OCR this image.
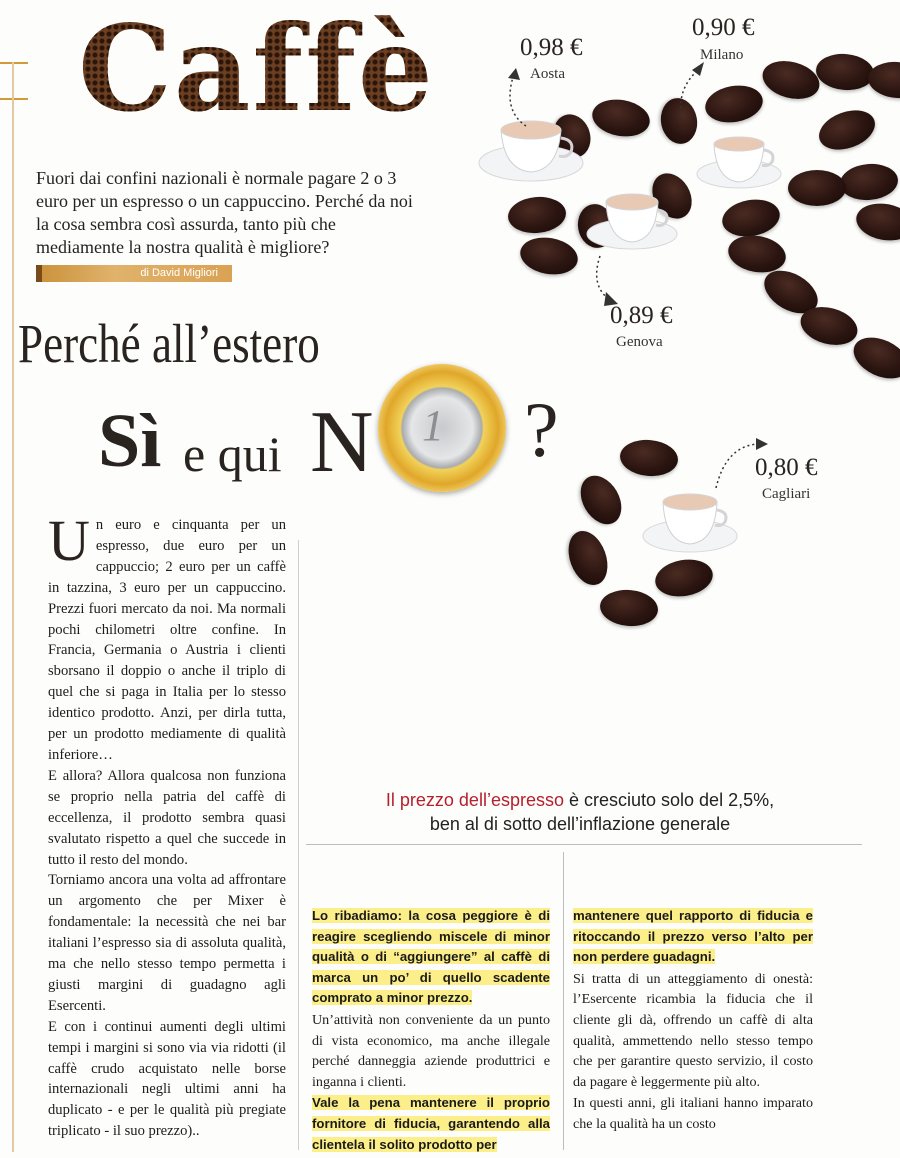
Caffè
Fuori dai confini nazionali è normale pagare 2 o 3 euro per un espresso o un cappuccino. Perché da noi la cosa sembra così assurda, tanto più che mediamente la nostra qualità è migliore?
di David Migliori
0,98 €
Aosta
0,90 €
Milano
0,89 €
Genova
0,80 €
Cagliari
Perché all’estero
Sì e qui N 1 ?

Un euro e cinquanta per un espresso, due euro per un cappuccio; 2 euro per un caffè in tazzina, 3 euro per un cappuccino. Prezzi fuori mercato da noi. Ma normali pochi chilometri oltre confine. In Francia, Germania o Austria i clienti sborsano il doppio o anche il triplo di quel che si paga in Italia per lo stesso identico prodotto. Anzi, per dirla tutta, per un prodotto mediamente di qualità inferiore…

E allora? Allora qualcosa non funziona se proprio nella patria del caffè di eccellenza, il prodotto sembra quasi svalutato rispetto a quel che succede in tutto il resto del mondo.

Torniamo ancora una volta ad affrontare un argomento che per Mixer è fondamentale: la necessità che nei bar italiani l’espresso sia di assoluta qualità, ma che nello stesso tempo permetta i giusti margini di guadagno agli Esercenti.

E con i continui aumenti degli ultimi tempi i margini si sono via via ridotti (il caffè crudo acquistato nelle borse internazionali negli ultimi anni ha duplicato - e per le qualità più pregiate triplicato - il suo prezzo)..

Il prezzo dell’espresso è cresciuto solo del 2,5%,
ben al di sotto dell’inflazione generale

Lo ribadiamo: la cosa peggiore è di reagire scegliendo miscele di minor qualità o di “aggiungere” al caffè di marca un po’ di quello scadente comprato a minor prezzo.

Un’attività non conveniente da un punto di vista economico, ma anche illegale perché danneggia aziende produttrici e inganna i clienti.

Vale la pena mantenere il proprio fornitore di fiducia, garantendo alla clientela il solito prodotto per

mantenere quel rapporto di fiducia e ritoccando il prezzo verso l’alto per non perdere guadagni.

Si tratta di un atteggiamento di onestà: l’Esercente ricambia la fiducia che il cliente gli dà, offrendo un caffè di alta qualità, ammettendo nello stesso tempo che per garantire questo servizio, il costo da pagare è leggermente più alto.

In questi anni, gli italiani hanno imparato che la qualità ha un costo
